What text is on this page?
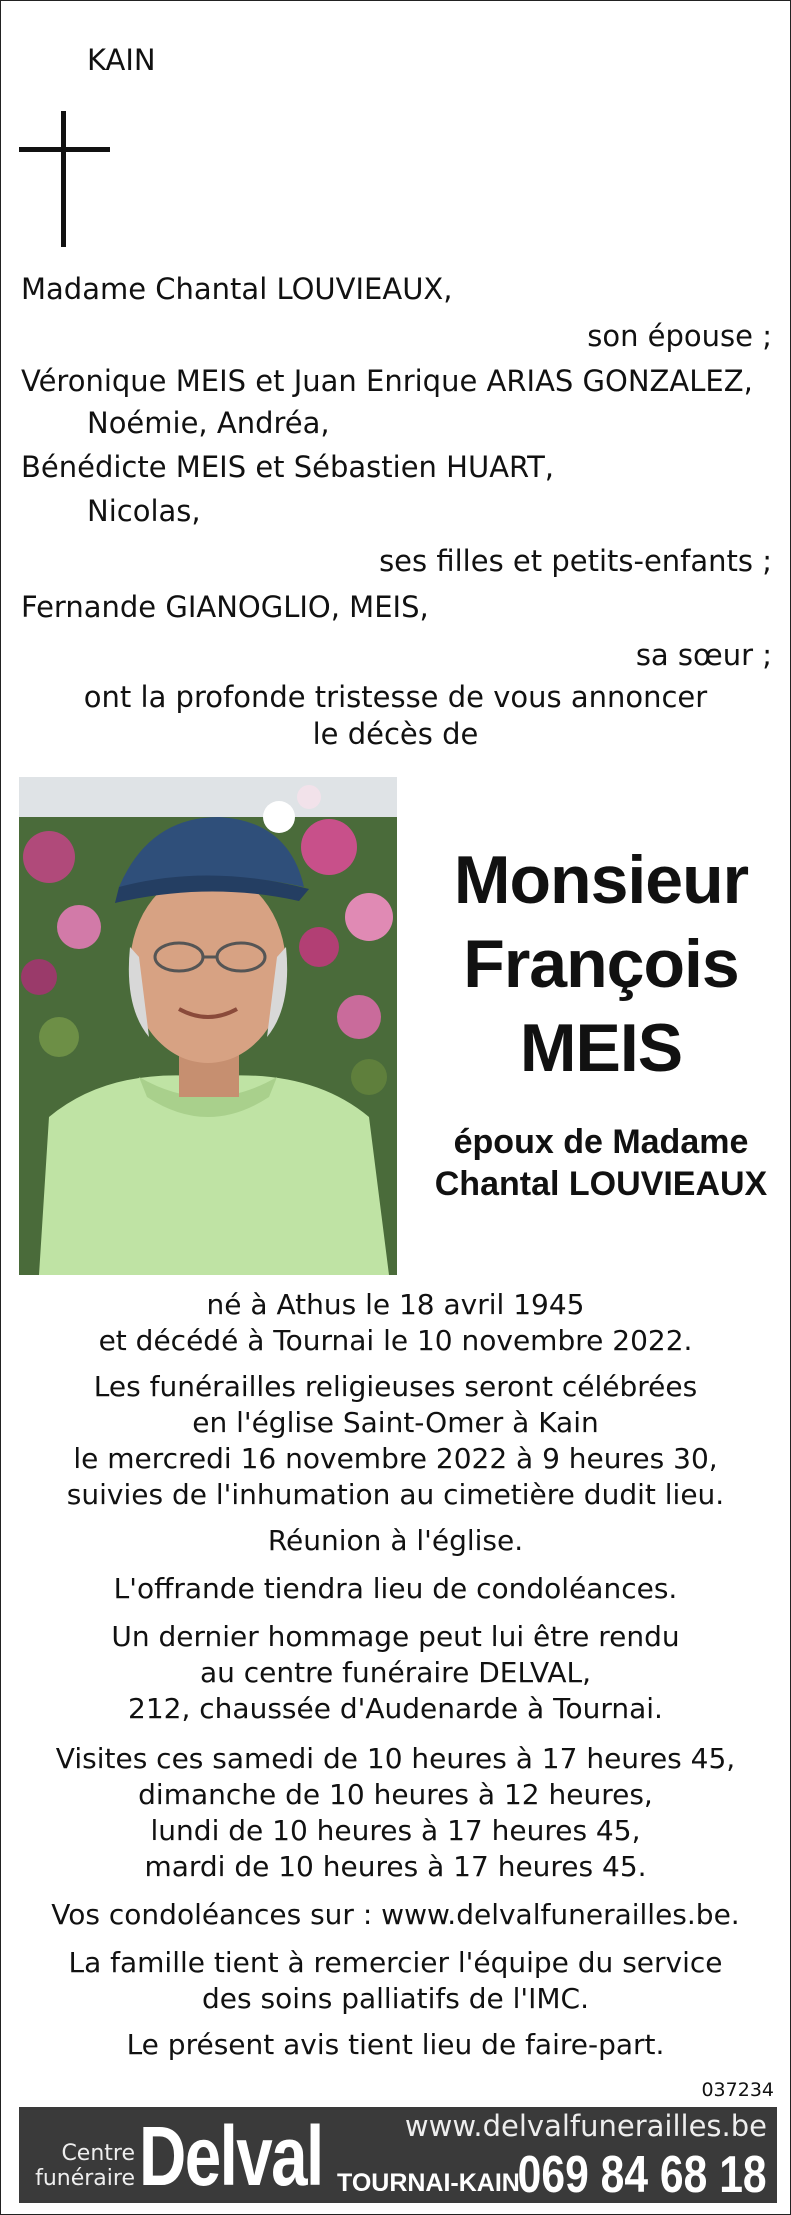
KAIN
Madame Chantal LOUVIEAUX,
son épouse ;
Véronique MEIS et Juan Enrique ARIAS GONZALEZ,
Noémie, Andréa,
Bénédicte MEIS et Sébastien HUART,
Nicolas,
ses filles et petits-enfants ;
Fernande GIANOGLIO, MEIS,
sa sœur ;
ont la profonde tristesse de vous annoncer
le décès de
Monsieur
François
MEIS
époux de Madame
Chantal LOUVIEAUX
né à Athus le 18 avril 1945
et décédé à Tournai le 10 novembre 2022.
Les funérailles religieuses seront célébrées
en l'église Saint-Omer à Kain
le mercredi 16 novembre 2022 à 9 heures 30,
suivies de l'inhumation au cimetière dudit lieu.
Réunion à l'église.
L'offrande tiendra lieu de condoléances.
Un dernier hommage peut lui être rendu
au centre funéraire DELVAL,
212, chaussée d'Audenarde à Tournai.
Visites ces samedi de 10 heures à 17 heures 45,
dimanche de 10 heures à 12 heures,
lundi de 10 heures à 17 heures 45,
mardi de 10 heures à 17 heures 45.
Vos condoléances sur : www.delvalfunerailles.be.
La famille tient à remercier l'équipe du service
des soins palliatifs de l'IMC.
Le présent avis tient lieu de faire-part.
037234
Centre
funéraire Delval	www.delvalfunerailles.be
TOURNAI-KAIN
069 84 68 18
